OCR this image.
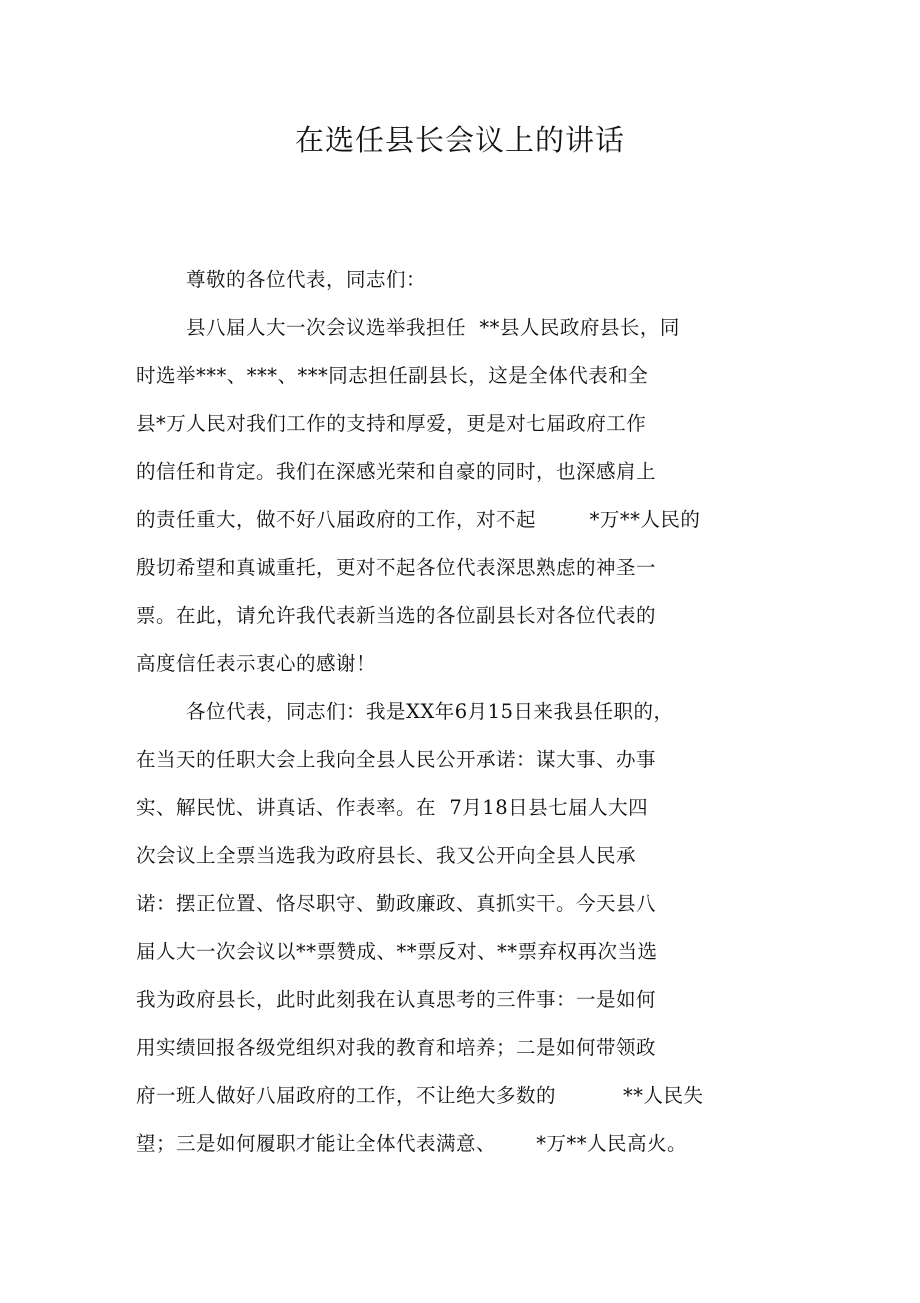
在选任县长会议上的讲话
尊敬的各位代表，同志们：
县八届人大一次会议选举我担任  **县人民政府县长，同
时选举***、***、***同志担任副县长，这是全体代表和全
县*万人民对我们工作的支持和厚爱，更是对七届政府工作
的信任和肯定。我们在深感光荣和自豪的同时，也深感肩上
的责任重大，做不好八届政府的工作，对不起        *万**人民的
殷切希望和真诚重托，更对不起各位代表深思熟虑的神圣一
票。在此，请允许我代表新当选的各位副县长对各位代表的
高度信任表示衷心的感谢！
各位代表，同志们：我是XX年6月15日来我县任职的，
在当天的任职大会上我向全县人民公开承诺：谋大事、办事
实、解民忧、讲真话、作表率。在  7月18日县七届人大四
次会议上全票当选我为政府县长、我又公开向全县人民承
诺：摆正位置、恪尽职守、勤政廉政、真抓实干。今天县八
届人大一次会议以**票赞成、**票反对、**票弃权再次当选
我为政府县长，此时此刻我在认真思考的三件事：一是如何
用实绩回报各级党组织对我的教育和培养；二是如何带领政
府一班人做好八届政府的工作，不让绝大多数的          **人民失
望；三是如何履职才能让全体代表满意、      *万**人民高火。
